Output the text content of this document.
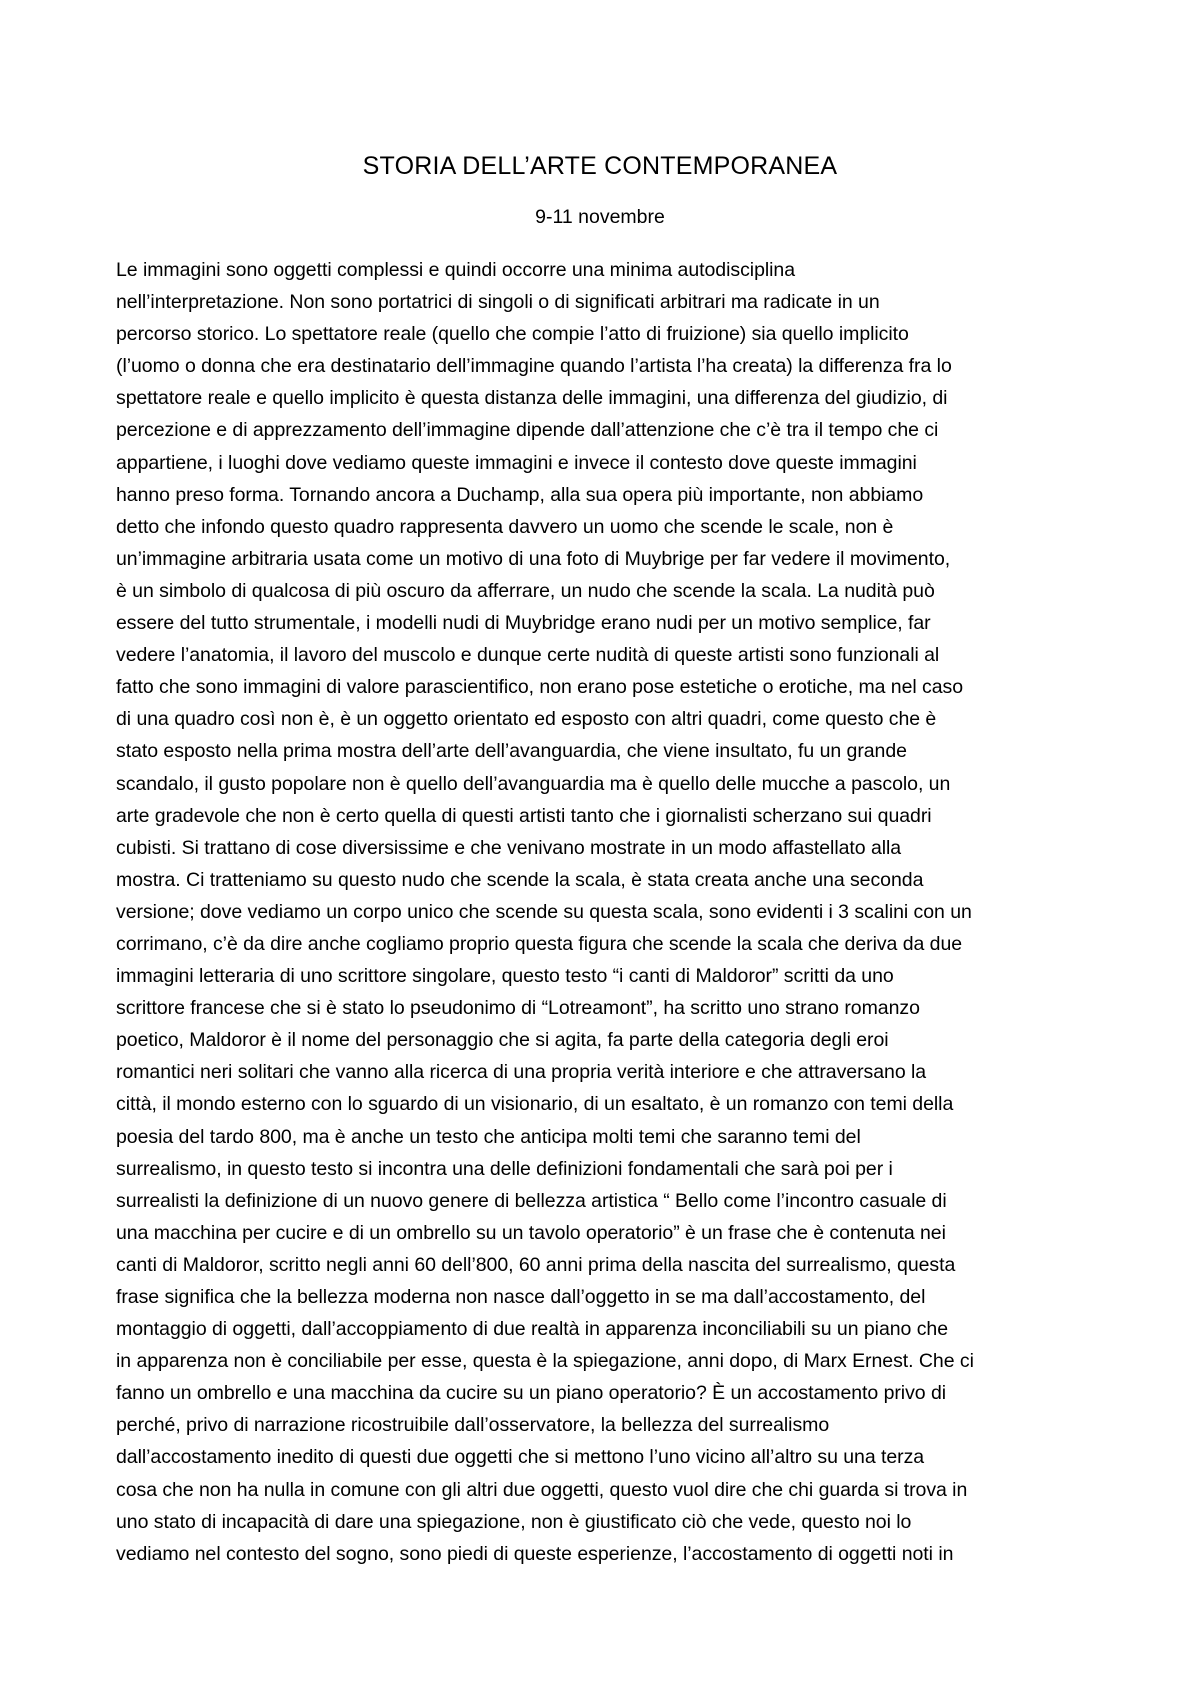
STORIA DELL’ARTE CONTEMPORANEA
9-11 novembre
Le immagini sono oggetti complessi e quindi occorre una minima autodisciplina
nell’interpretazione. Non sono portatrici di singoli o di significati arbitrari ma radicate in un
percorso storico. Lo spettatore reale (quello che compie l’atto di fruizione) sia quello implicito
(l’uomo o donna che era destinatario dell’immagine quando l’artista l’ha creata) la differenza fra lo
spettatore reale e quello implicito è questa distanza delle immagini, una differenza del giudizio, di
percezione e di apprezzamento dell’immagine dipende dall’attenzione che c’è tra il tempo che ci
appartiene, i luoghi dove vediamo queste immagini e invece il contesto dove queste immagini
hanno preso forma. Tornando ancora a Duchamp, alla sua opera più importante, non abbiamo
detto che infondo questo quadro rappresenta davvero un uomo che scende le scale, non è
un’immagine arbitraria usata come un motivo di una foto di Muybrige per far vedere il movimento,
è un simbolo di qualcosa di più oscuro da afferrare, un nudo che scende la scala. La nudità può
essere del tutto strumentale, i modelli nudi di Muybridge erano nudi per un motivo semplice, far
vedere l’anatomia, il lavoro del muscolo e dunque certe nudità di queste artisti sono funzionali al
fatto che sono immagini di valore parascientifico, non erano pose estetiche o erotiche, ma nel caso
di una quadro così non è, è un oggetto orientato ed esposto con altri quadri, come questo che è
stato esposto nella prima mostra dell’arte dell’avanguardia, che viene insultato, fu un grande
scandalo, il gusto popolare non è quello dell’avanguardia ma è quello delle mucche a pascolo, un
arte gradevole che non è certo quella di questi artisti tanto che i giornalisti scherzano sui quadri
cubisti. Si trattano di cose diversissime e che venivano mostrate in un modo affastellato alla
mostra. Ci tratteniamo su questo nudo che scende la scala, è stata creata anche una seconda
versione; dove vediamo un corpo unico che scende su questa scala, sono evidenti i 3 scalini con un
corrimano, c’è da dire anche cogliamo proprio questa figura che scende la scala che deriva da due
immagini letteraria di uno scrittore singolare, questo testo “i canti di Maldoror” scritti da uno
scrittore francese che si è stato lo pseudonimo di “Lotreamont”, ha scritto uno strano romanzo
poetico, Maldoror è il nome del personaggio che si agita, fa parte della categoria degli eroi
romantici neri solitari che vanno alla ricerca di una propria verità interiore e che attraversano la
città, il mondo esterno con lo sguardo di un visionario, di un esaltato, è un romanzo con temi della
poesia del tardo 800, ma è anche un testo che anticipa molti temi che saranno temi del
surrealismo, in questo testo si incontra una delle definizioni fondamentali che sarà poi per i
surrealisti la definizione di un nuovo genere di bellezza artistica “ Bello come l’incontro casuale di
una macchina per cucire e di un ombrello su un tavolo operatorio” è un frase che è contenuta nei
canti di Maldoror, scritto negli anni 60 dell’800, 60 anni prima della nascita del surrealismo, questa
frase significa che la bellezza moderna non nasce dall’oggetto in se ma dall’accostamento, del
montaggio di oggetti, dall’accoppiamento di due realtà in apparenza inconciliabili su un piano che
in apparenza non è conciliabile per esse, questa è la spiegazione, anni dopo, di Marx Ernest. Che ci
fanno un ombrello e una macchina da cucire su un piano operatorio? È un accostamento privo di
perché, privo di narrazione ricostruibile dall’osservatore, la bellezza del surrealismo
dall’accostamento inedito di questi due oggetti che si mettono l’uno vicino all’altro su una terza
cosa che non ha nulla in comune con gli altri due oggetti, questo vuol dire che chi guarda si trova in
uno stato di incapacità di dare una spiegazione, non è giustificato ciò che vede, questo noi lo
vediamo nel contesto del sogno, sono piedi di queste esperienze, l’accostamento di oggetti noti in
